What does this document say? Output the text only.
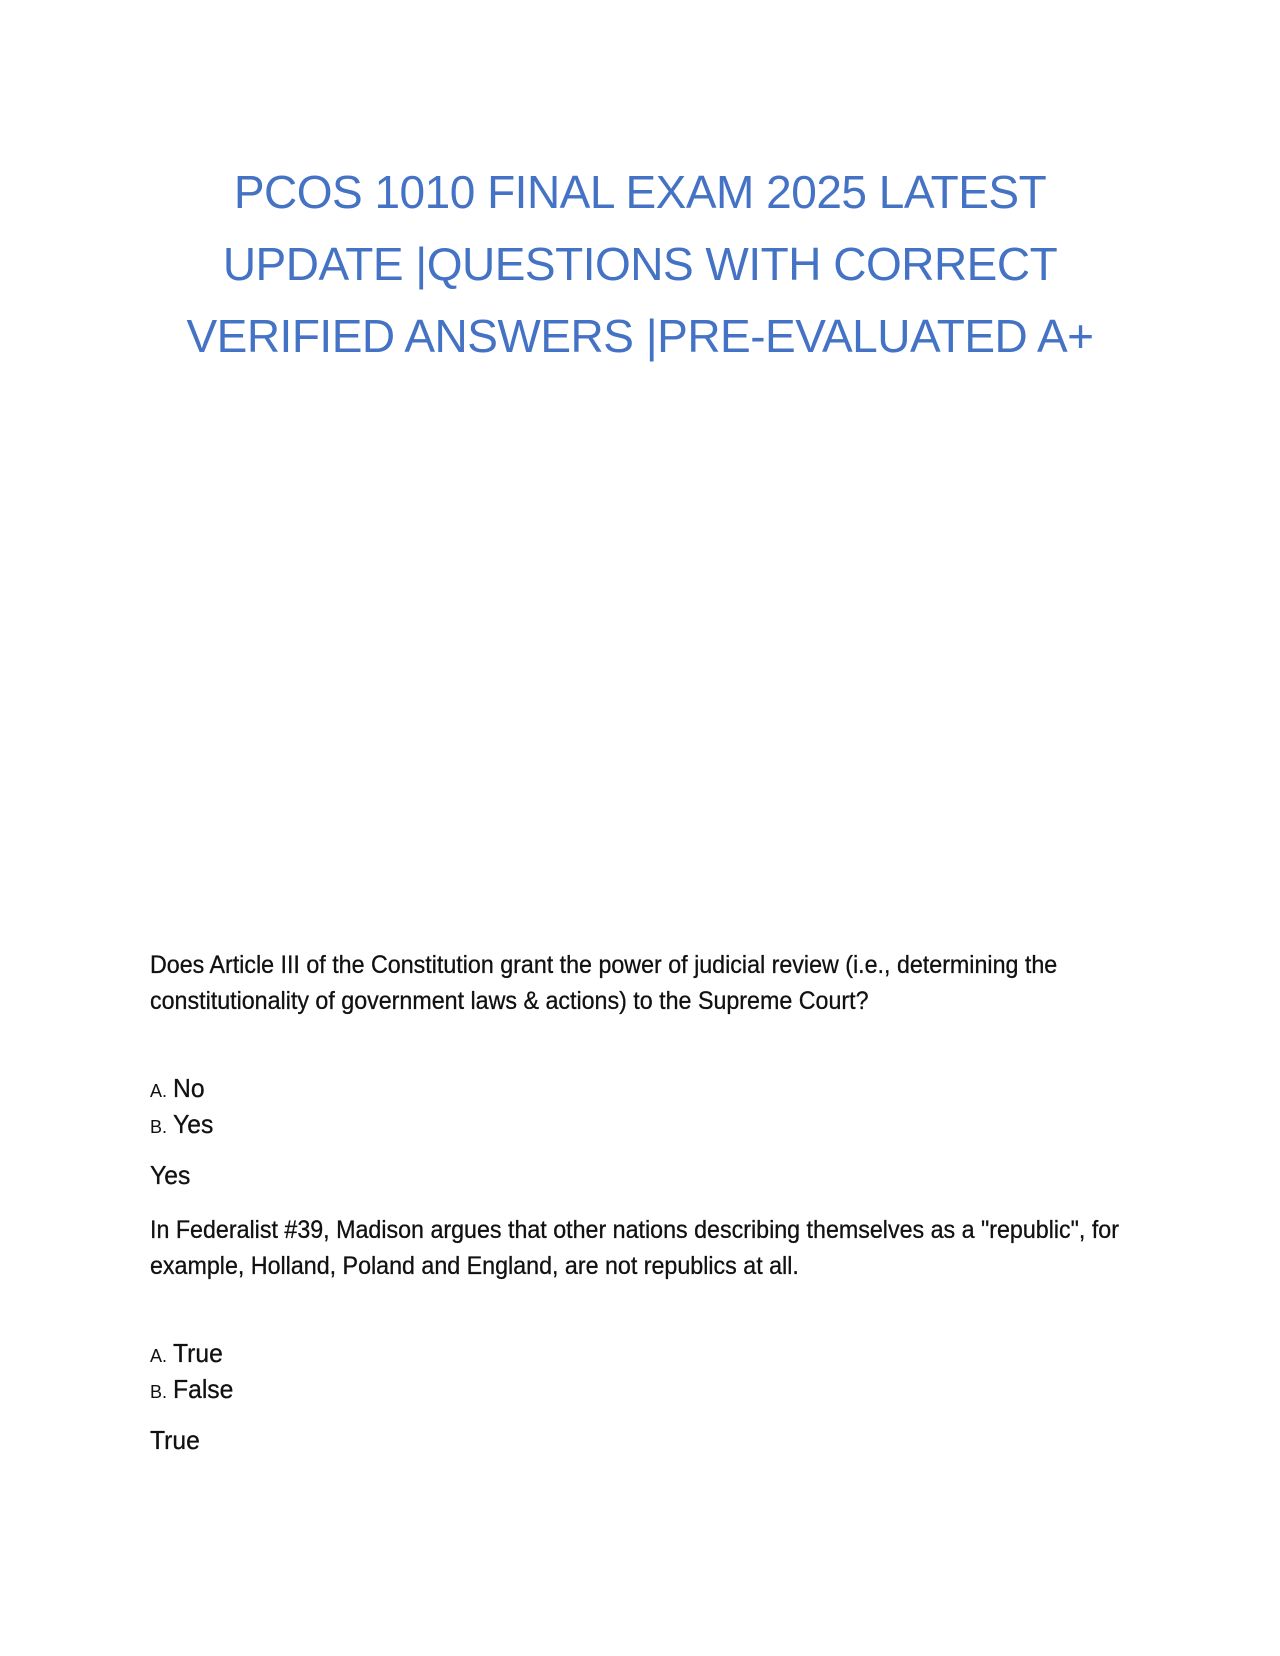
PCOS 1010 FINAL EXAM 2025 LATEST
UPDATE |QUESTIONS WITH CORRECT
VERIFIED ANSWERS |PRE-EVALUATED A+

Does Article III of the Constitution grant the power of judicial review (i.e., determining the constitutionality of government laws & actions) to the Supreme Court?

A. No
B. Yes

Yes

In Federalist #39, Madison argues that other nations describing themselves as a "republic", for example, Holland, Poland and England, are not republics at all.

A. True
B. False

True
